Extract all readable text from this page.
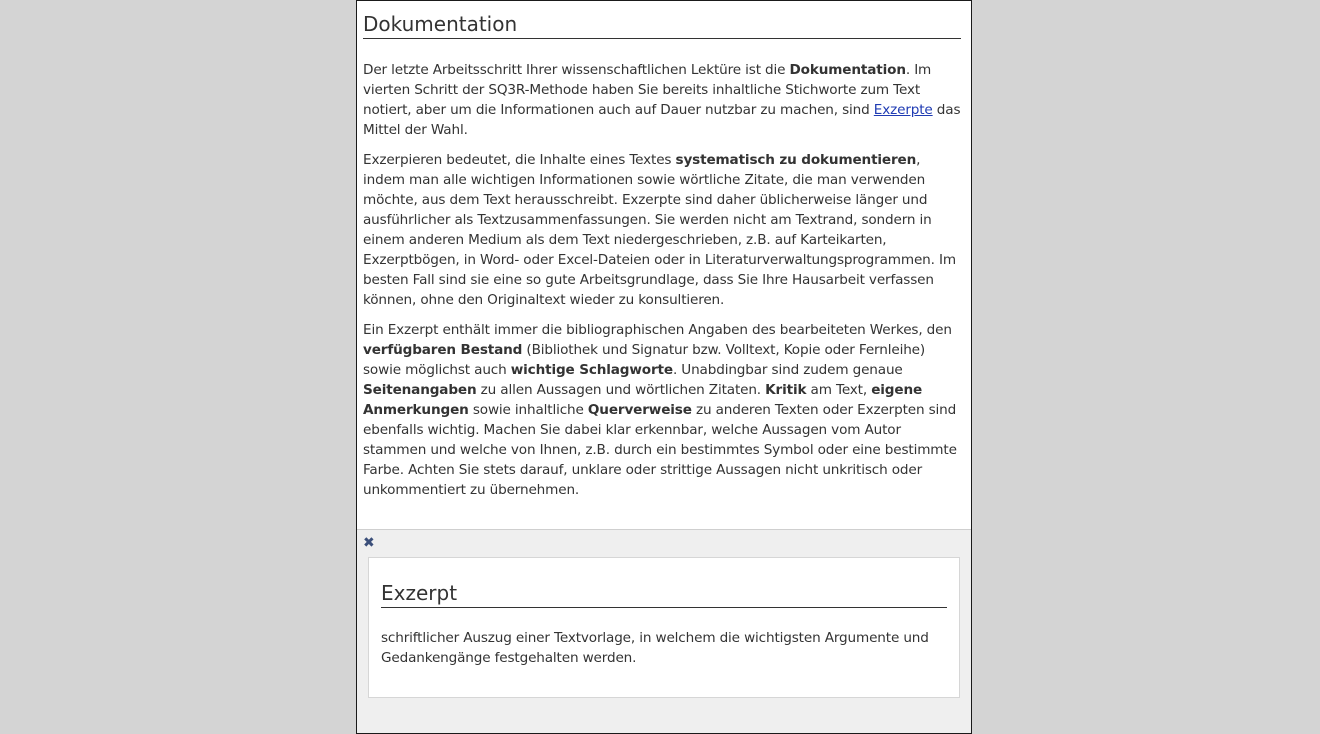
Dokumentation

Der letzte Arbeitsschritt Ihrer wissenschaftlichen Lektüre ist die Dokumentation. Im vierten Schritt der SQ3R-Methode haben Sie bereits inhaltliche Stichworte zum Text notiert, aber um die Informationen auch auf Dauer nutzbar zu machen, sind Exzerpte das Mittel der Wahl.

Exzerpieren bedeutet, die Inhalte eines Textes systematisch zu dokumentieren, indem man alle wichtigen Informationen sowie wörtliche Zitate, die man verwenden möchte, aus dem Text herausschreibt. Exzerpte sind daher üblicherweise länger und ausführlicher als Textzusammenfassungen. Sie werden nicht am Textrand, sondern in einem anderen Medium als dem Text niedergeschrieben, z.B. auf Karteikarten, Exzerptbögen, in Word- oder Excel-Dateien oder in Literaturverwaltungsprogrammen. Im besten Fall sind sie eine so gute Arbeitsgrundlage, dass Sie Ihre Hausarbeit verfassen können, ohne den Originaltext wieder zu konsultieren.

Ein Exzerpt enthält immer die bibliographischen Angaben des bearbeiteten Werkes, den verfügbaren Bestand (Bibliothek und Signatur bzw. Volltext, Kopie oder Fernleihe) sowie möglichst auch wichtige Schlagworte. Unabdingbar sind zudem genaue Seitenangaben zu allen Aussagen und wörtlichen Zitaten. Kritik am Text, eigene Anmerkungen sowie inhaltliche Querverweise zu anderen Texten oder Exzerpten sind ebenfalls wichtig. Machen Sie dabei klar erkennbar, welche Aussagen vom Autor stammen und welche von Ihnen, z.B. durch ein bestimmtes Symbol oder eine bestimmte Farbe. Achten Sie stets darauf, unklare oder strittige Aussagen nicht unkritisch oder unkommentiert zu übernehmen.

✖
Exzerpt

schriftlicher Auszug einer Textvorlage, in welchem die wichtigsten Argumente und Gedankengänge festgehalten werden.
